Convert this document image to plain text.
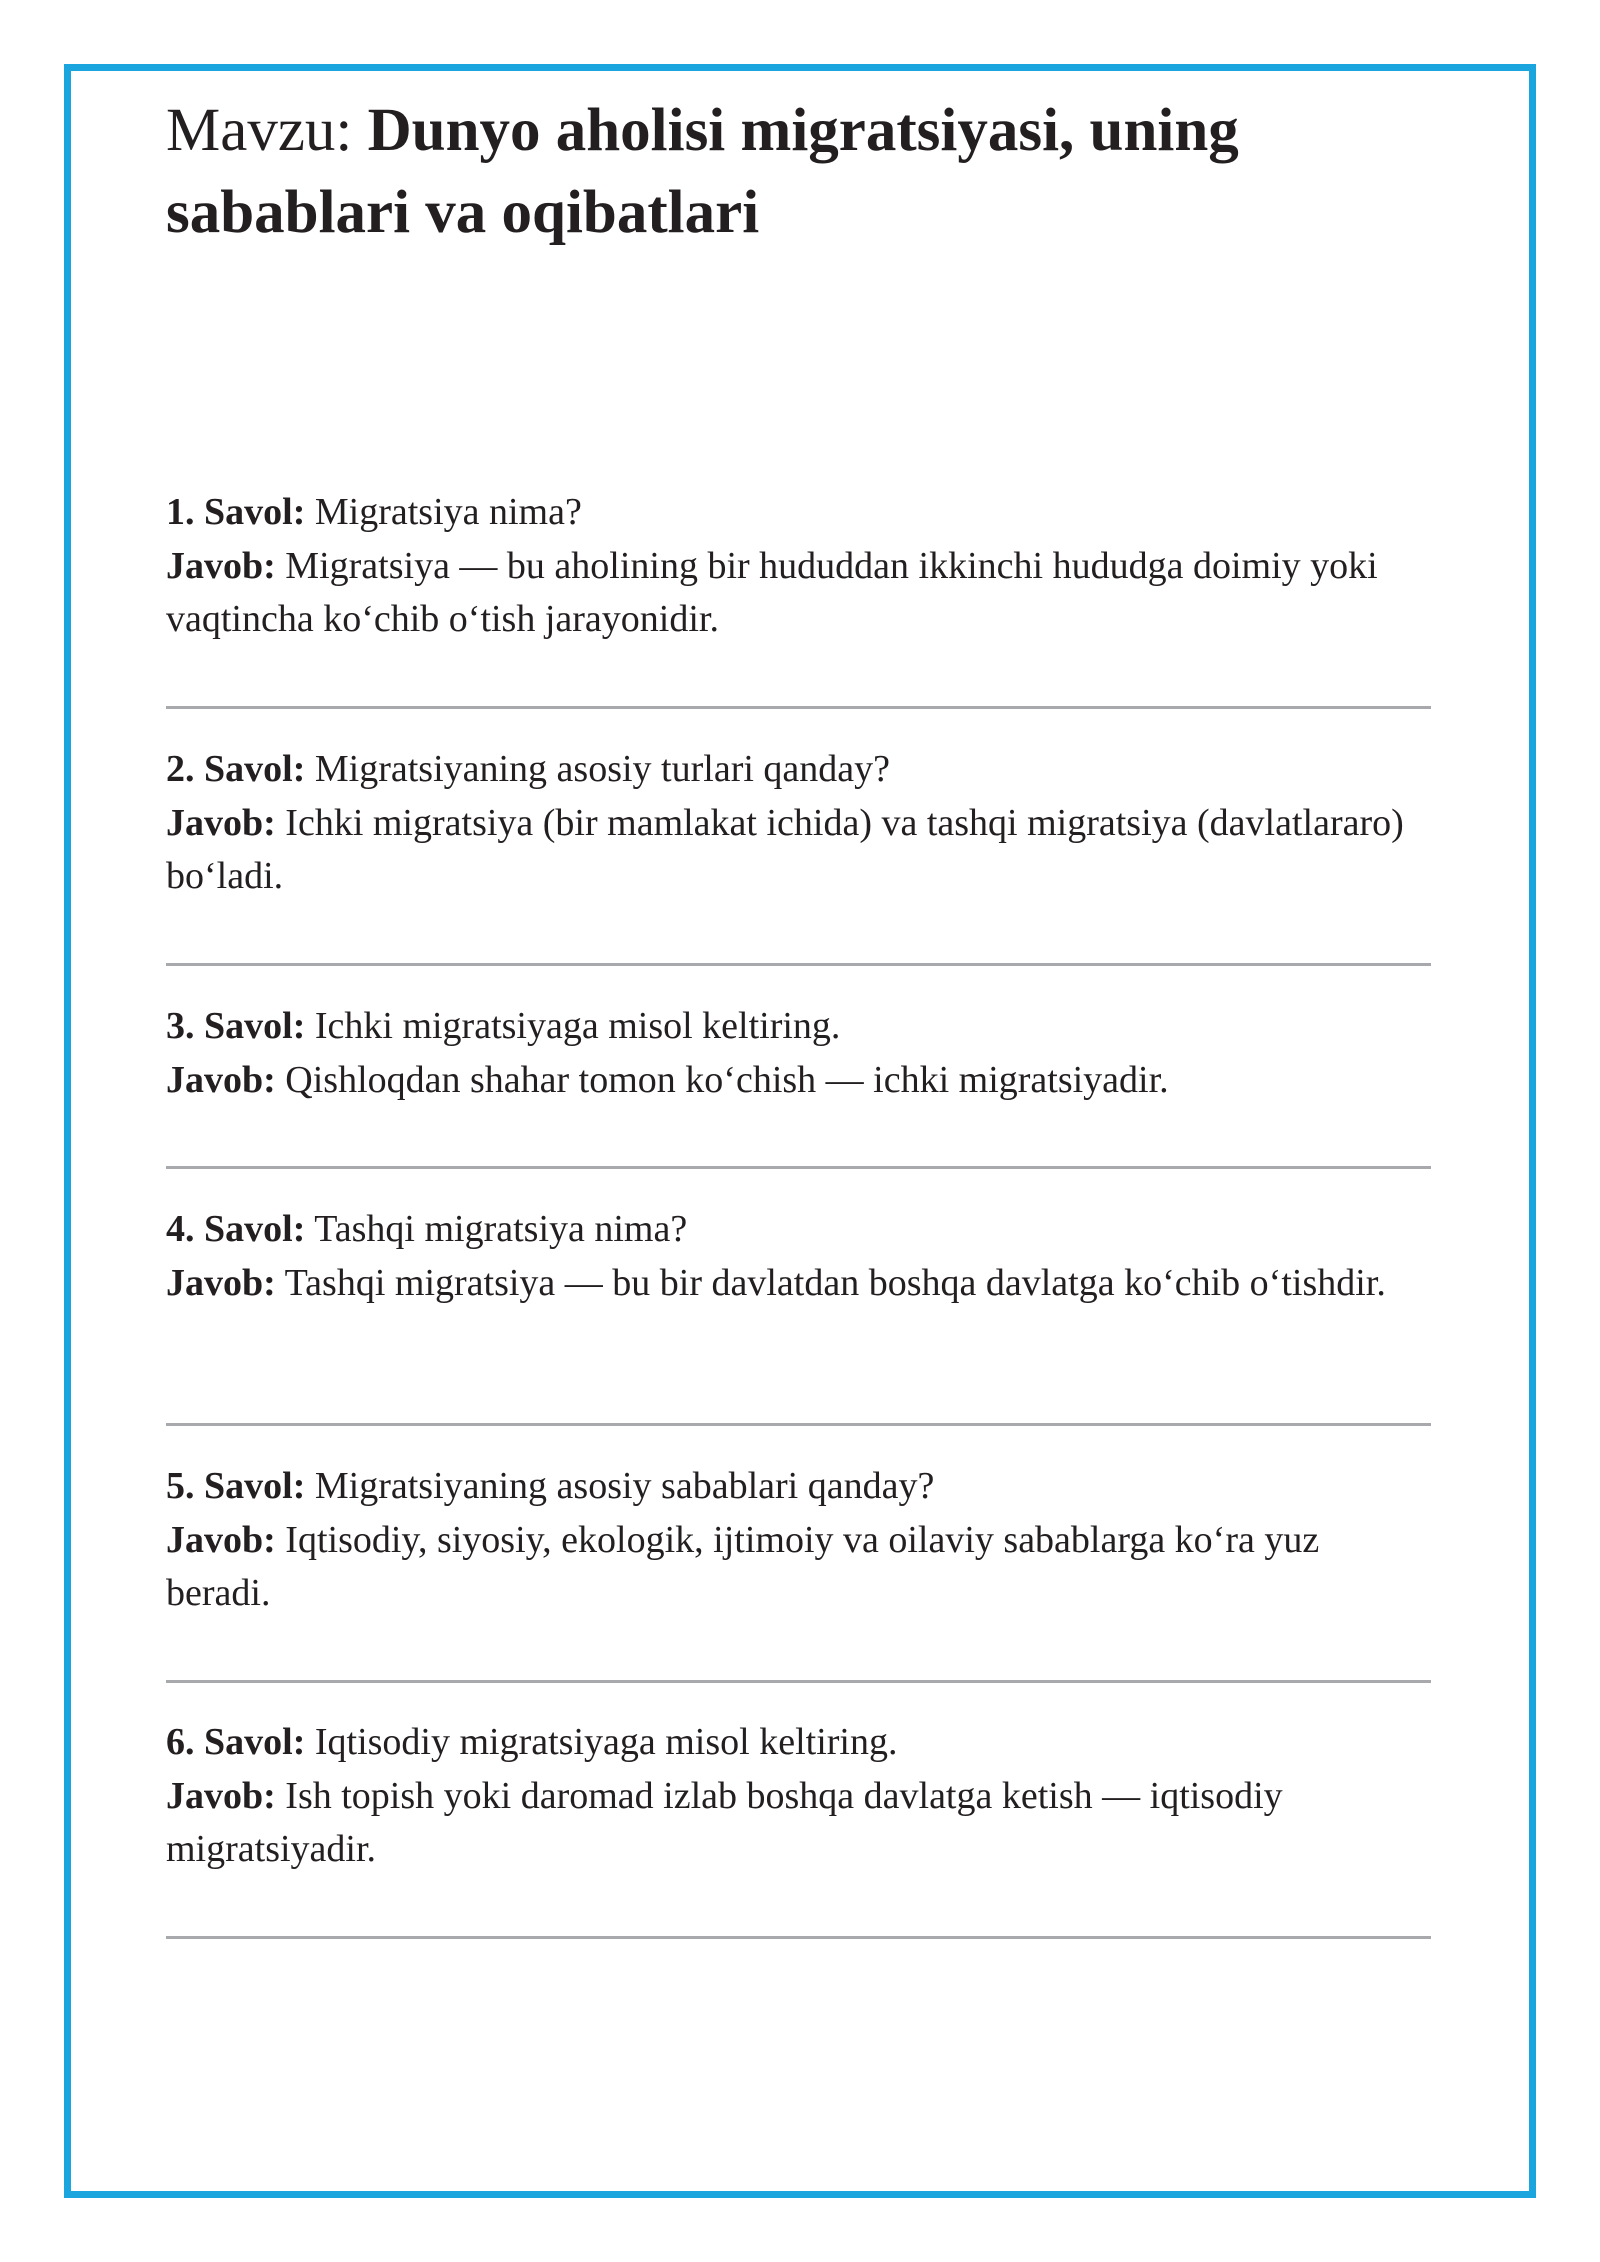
Mavzu: Dunyo aholisi migratsiyasi, uning sabablari va oqibatlari

1. Savol: Migratsiya nima?

Javob: Migratsiya — bu aholining bir hududdan ikkinchi hududga doimiy yoki vaqtincha ko‘chib o‘tish jarayonidir.

2. Savol: Migratsiyaning asosiy turlari qanday?

Javob: Ichki migratsiya (bir mamlakat ichida) va tashqi migratsiya (davlatlararo) bo‘ladi.

3. Savol: Ichki migratsiyaga misol keltiring.

Javob: Qishloqdan shahar tomon ko‘chish — ichki migratsiyadir.

4. Savol: Tashqi migratsiya nima?

Javob: Tashqi migratsiya — bu bir davlatdan boshqa davlatga ko‘chib o‘tishdir.

5. Savol: Migratsiyaning asosiy sabablari qanday?

Javob: Iqtisodiy, siyosiy, ekologik, ijtimoiy va oilaviy sabablarga ko‘ra yuz beradi.

6. Savol: Iqtisodiy migratsiyaga misol keltiring.

Javob: Ish topish yoki daromad izlab boshqa davlatga ketish — iqtisodiy migratsiyadir.
